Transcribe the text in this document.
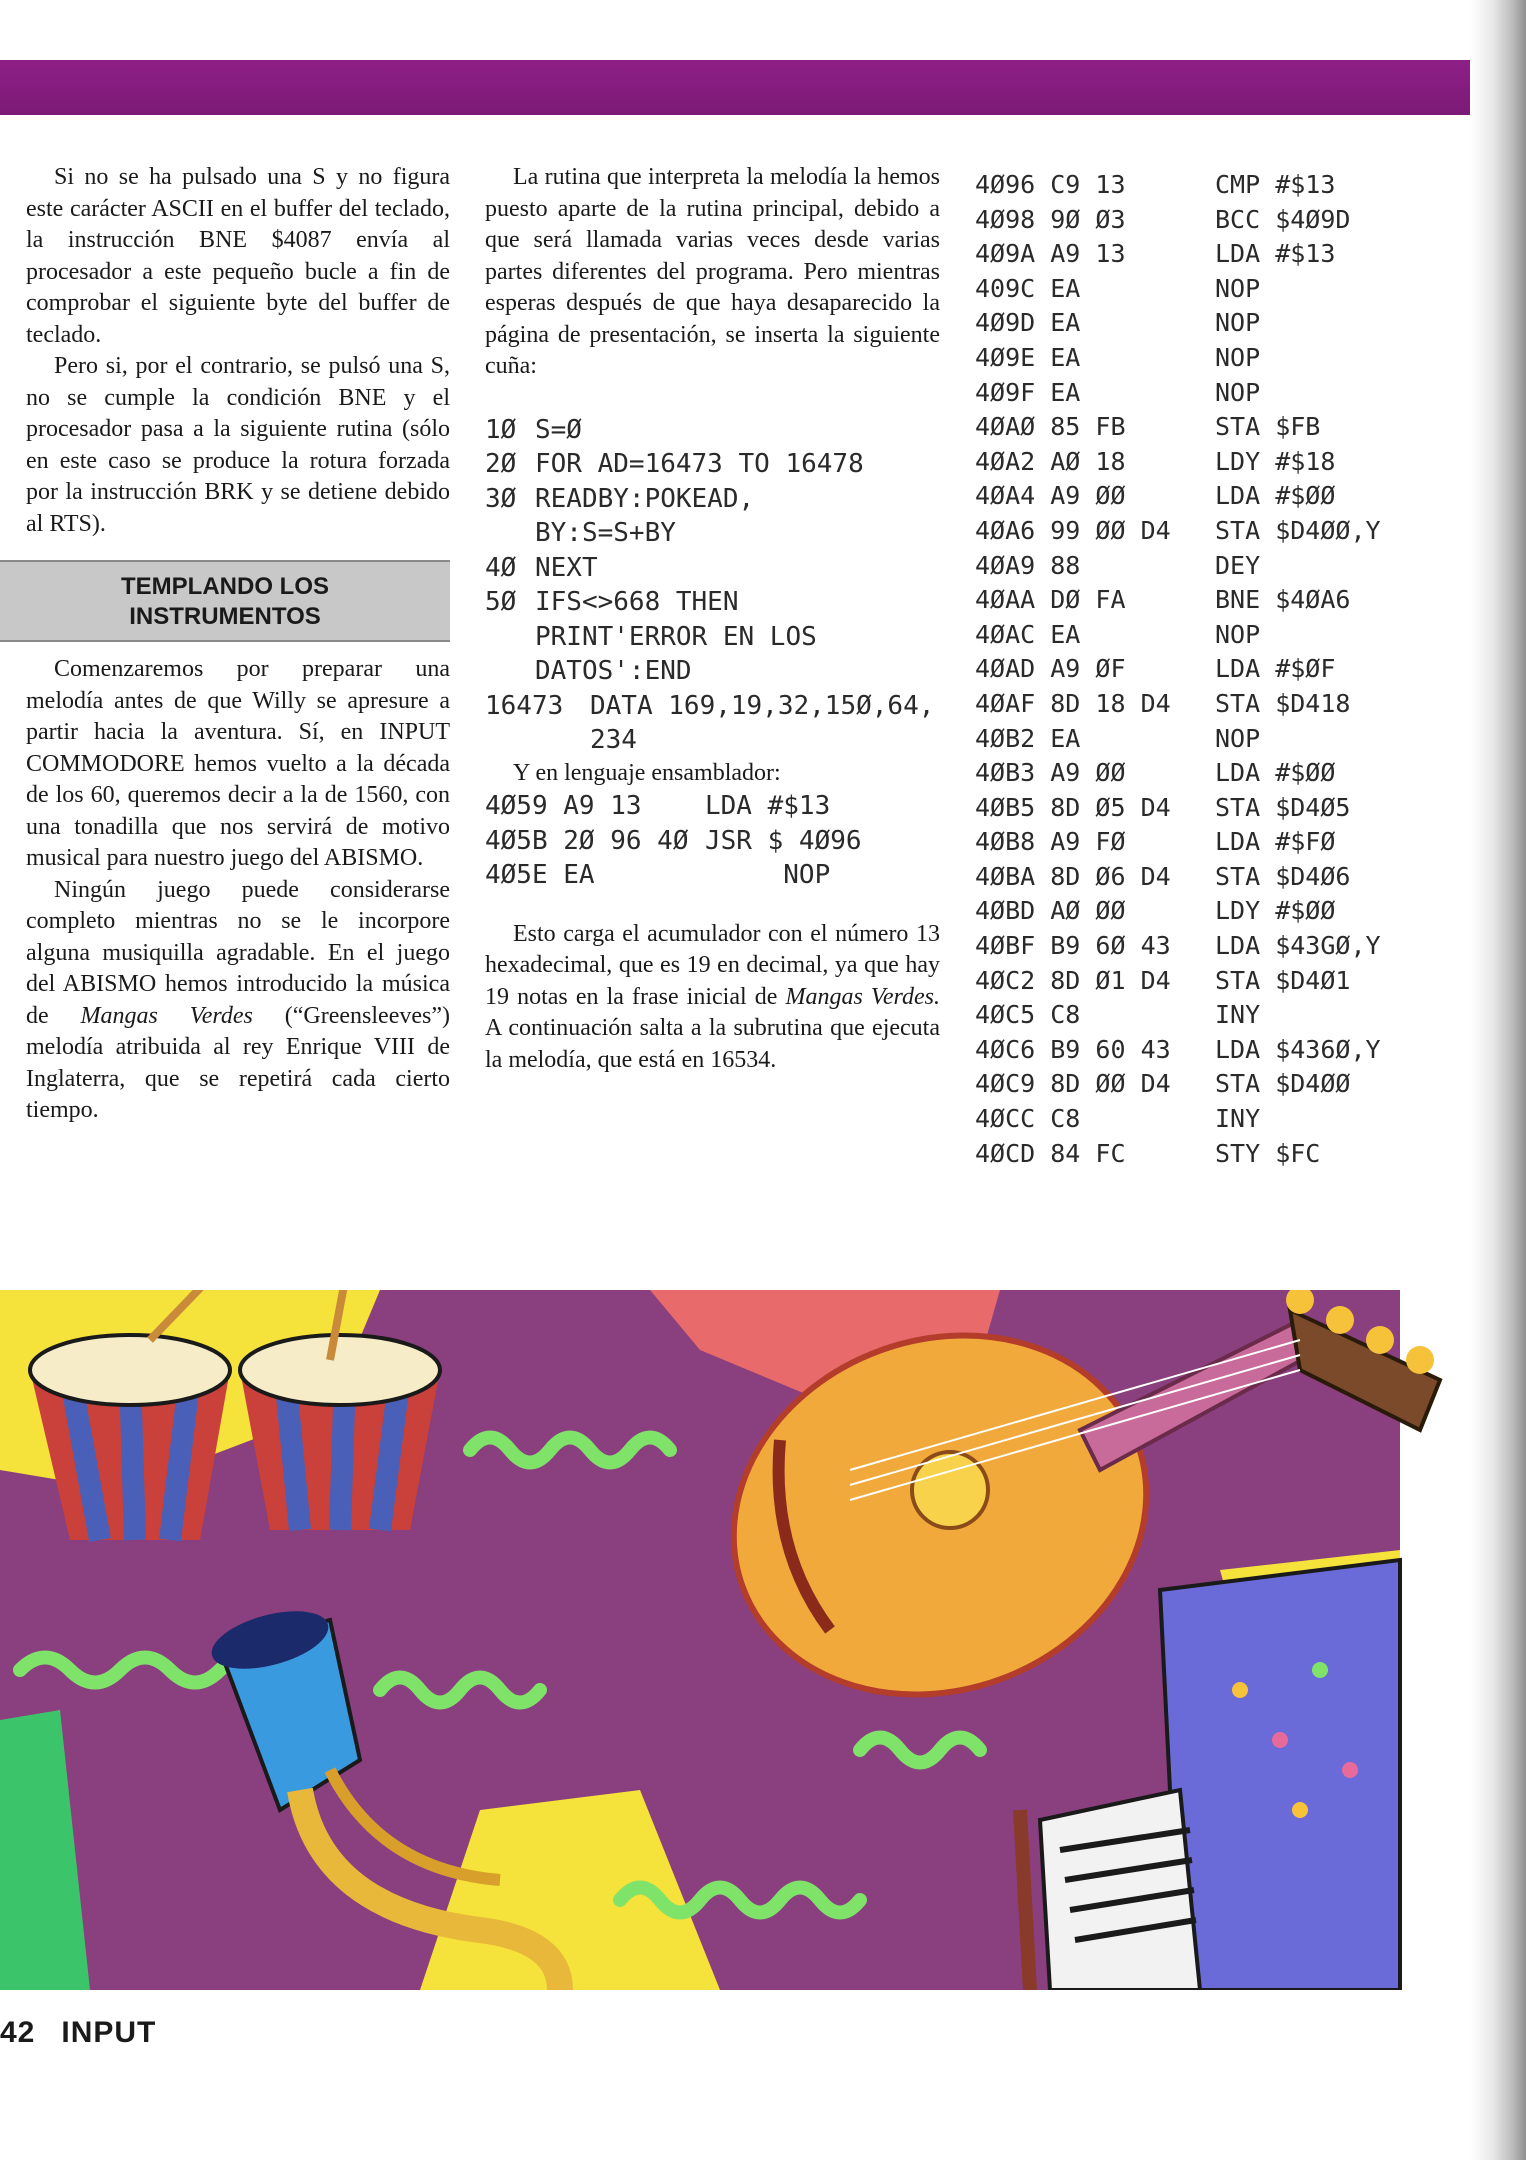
Si no se ha pulsado una S y no figura este carácter ASCII en el buffer del teclado, la instrucción BNE $4087 envía al procesador a este pequeño bucle a fin de comprobar el siguiente byte del buffer de teclado.

Pero si, por el contrario, se pulsó una S, no se cumple la condición BNE y el procesador pasa a la siguiente rutina (sólo en este caso se produce la rotura forzada por la instrucción BRK y se detiene debido al RTS).

TEMPLANDO LOS
INSTRUMENTOS

Comenzaremos por preparar una melodía antes de que Willy se apresure a partir hacia la aventura. Sí, en INPUT COMMODORE hemos vuelto a la década de los 60, queremos decir a la de 1560, con una tonadilla que nos servirá de motivo musical para nuestro juego del ABISMO.

Ningún juego puede considerarse completo mientras no se le incorpore alguna musiquilla agradable. En el juego del ABISMO hemos introducido la música de Mangas Verdes (“Greensleeves”) melodía atribuida al rey Enrique VIII de Inglaterra, que se repetirá cada cierto tiempo.

La rutina que interpreta la melodía la hemos puesto aparte de la rutina principal, debido a que será llamada varias veces desde varias partes diferentes del programa. Pero mientras esperas después de que haya desaparecido la página de presentación, se inserta la siguiente cuña:

1Ø S=Ø
2Ø FOR AD=16473 TO 16478
3Ø READBY:POKEAD,
BY:S=S+BY
4Ø NEXT
5Ø IFS<>668 THEN
PRINT'ERROR EN LOS
DATOS':END
16473	DATA 169,19,32,15Ø,64,
234

Y en lenguaje ensamblador:

4Ø59 A9 13	LDA #$13
4Ø5B 2Ø 96 4Ø JSR $ 4Ø96
4Ø5E EA	NOP

Esto carga el acumulador con el número 13 hexadecimal, que es 19 en decimal, ya que hay 19 notas en la frase inicial de Mangas Verdes. A continuación salta a la subrutina que ejecuta la melodía, que está en 16534.

4Ø96 C9 13	CMP #$13
4Ø98 9Ø Ø3	BCC $4Ø9D
4Ø9A A9 13	LDA #$13
409C EA	NOP
4Ø9D EA	NOP
4Ø9E EA	NOP
4Ø9F EA	NOP
4ØAØ 85 FB	STA $FB
4ØA2 AØ 18	LDY #$18
4ØA4 A9 ØØ	LDA #$ØØ
4ØA6 99 ØØ D4	STA $D4ØØ,Y
4ØA9 88	DEY
4ØAA DØ FA	BNE $4ØA6
4ØAC EA	NOP
4ØAD A9 ØF	LDA #$ØF
4ØAF 8D 18 D4	STA $D418
4ØB2 EA	NOP
4ØB3 A9 ØØ	LDA #$ØØ
4ØB5 8D Ø5 D4	STA $D4Ø5
4ØB8 A9 FØ	LDA #$FØ
4ØBA 8D Ø6 D4	STA $D4Ø6
4ØBD AØ ØØ	LDY #$ØØ
4ØBF B9 6Ø 43	LDA $43GØ,Y
4ØC2 8D Ø1 D4	STA $D4Ø1
4ØC5 C8	INY
4ØC6 B9 60 43	LDA $436Ø,Y
4ØC9 8D ØØ D4	STA $D4ØØ
4ØCC C8	INY
4ØCD 84 FC	STY $FC
42 INPUT
